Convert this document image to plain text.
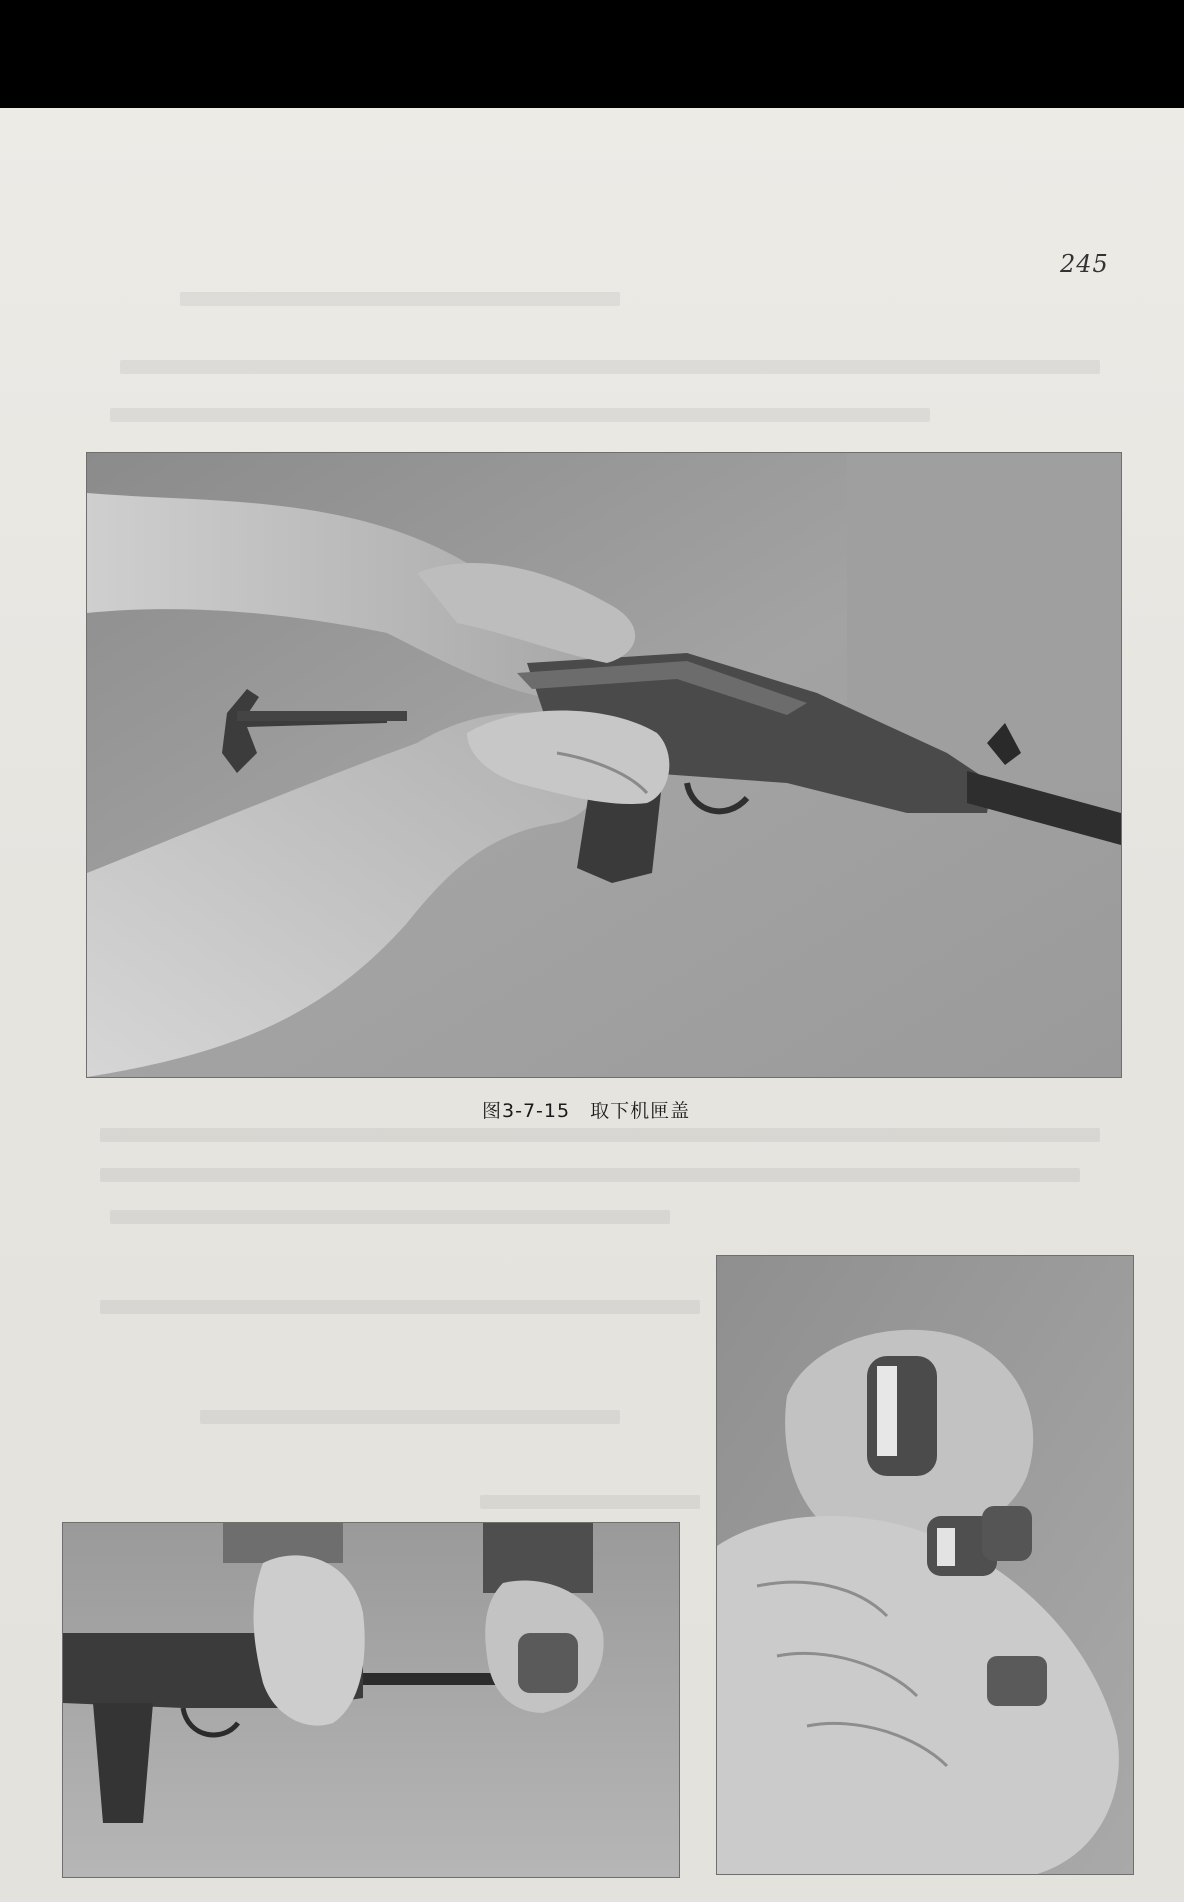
245
图3-7-15　取下机匣盖
